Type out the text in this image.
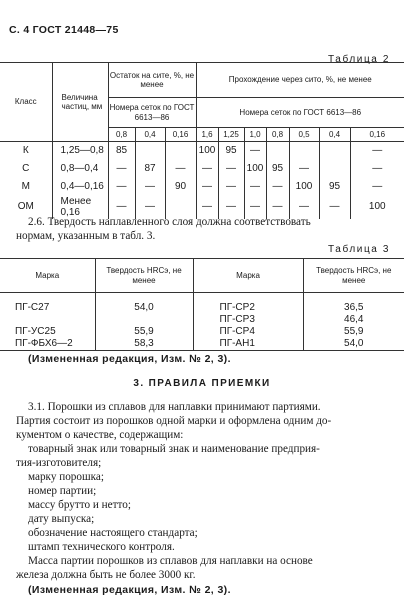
С. 4 ГОСТ 21448—75
Таблица 2
Класс	Величина частиц, мм	Остаток на сите, %, не менее			Прохождение через сито, %, не менее						
		Номера сеток по ГОСТ 6613—86			Номера сеток по ГОСТ 6613—86						
		0,8	0,4	0,16	1,6	1,25	1,0	0,8	0,5	0,4	0,16
К	1,25—0,8	85			100	95	—				—
С	0,8—0,4	—	87	—	—	—	100	95	—		—
М	0,4—0,16	—	—	90	—	—	—	—	100	95	—
ОМ	Менее 0,16	—	—		—	—	—	—	—	—	100
2.6. Твердость наплавленного слоя должна соответствовать
нормам, указанным в табл. 3.
Таблица 3
Марка	Твердость HRCэ, не менее	Марка	Твердость HRCэ, не менее

ПГ-С27	54,0	ПГ-СР2	36,5
		ПГ-СР3	46,4
ПГ-УС25	55,9	ПГ-СР4	55,9
ПГ-ФБХ6—2	58,3	ПГ-АН1	54,0
(Измененная редакция, Изм. № 2, 3).
3. ПРАВИЛА ПРИЕМКИ
3.1. Порошки из сплавов для наплавки принимают партиями.
Партия состоит из порошков одной марки и оформлена одним до-
кументом о качестве, содержащим:
товарный знак или товарный знак и наименование предприя-
тия-изготовителя;
марку порошка;
номер партии;
массу брутто и нетто;
дату выпуска;
обозначение настоящего стандарта;
штамп технического контроля.
Масса партии порошков из сплавов для наплавки на основе
железа должна быть не более 3000 кг.
(Измененная редакция, Изм. № 2, 3).
